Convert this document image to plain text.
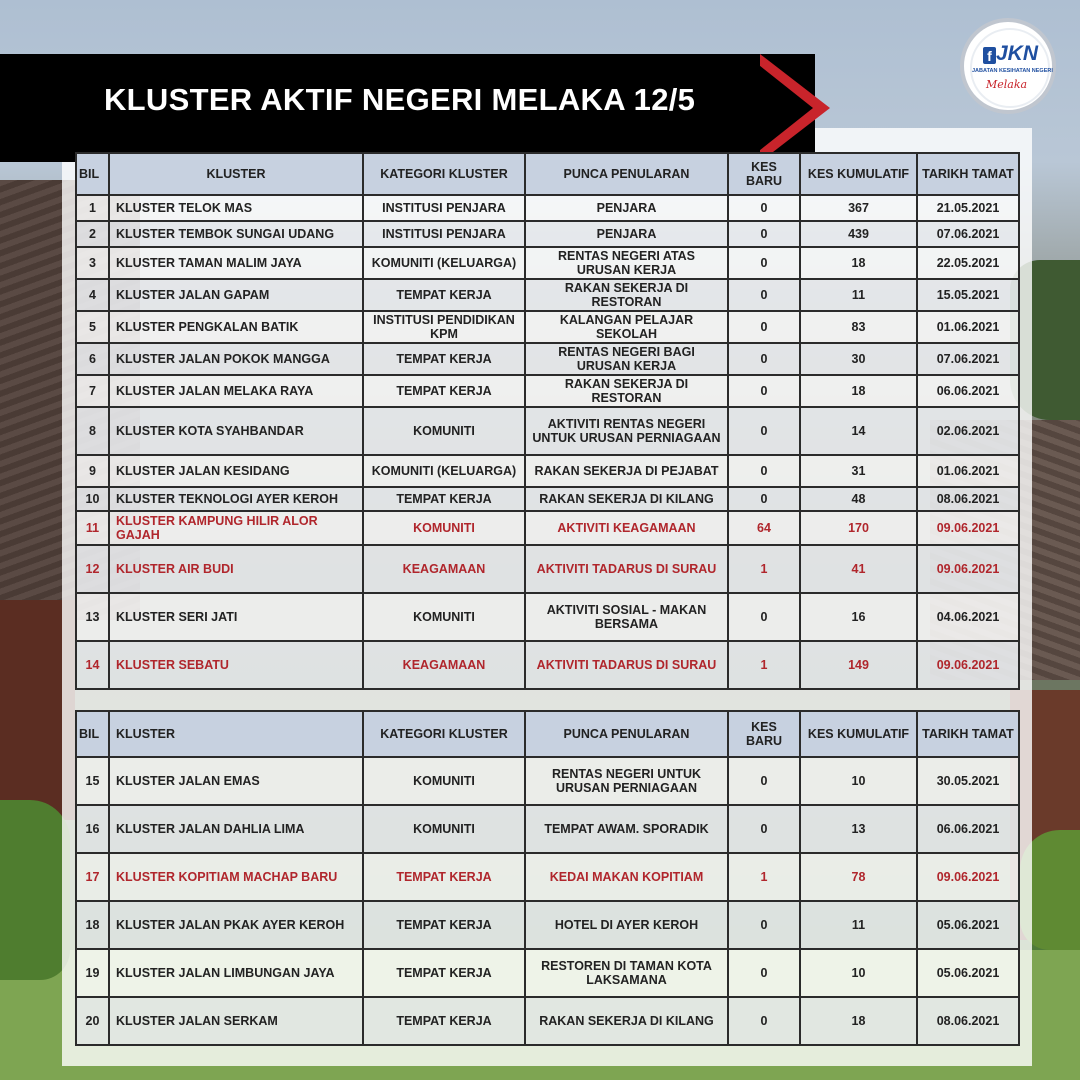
KLUSTER AKTIF NEGERI MELAKA 12/5
f JKN
JABATAN KESIHATAN NEGERI
Melaka
BIL	KLUSTER	KATEGORI KLUSTER	PUNCA PENULARAN	KES BARU	KES KUMULATIF	TARIKH TAMAT
1	KLUSTER TELOK MAS	INSTITUSI PENJARA	PENJARA	0	367	21.05.2021
2	KLUSTER TEMBOK SUNGAI UDANG	INSTITUSI PENJARA	PENJARA	0	439	07.06.2021
3	KLUSTER TAMAN MALIM JAYA	KOMUNITI (KELUARGA)	RENTAS NEGERI ATAS URUSAN KERJA	0	18	22.05.2021
4	KLUSTER JALAN GAPAM	TEMPAT KERJA	RAKAN SEKERJA DI RESTORAN	0	11	15.05.2021
5	KLUSTER PENGKALAN BATIK	INSTITUSI PENDIDIKAN KPM	KALANGAN PELAJAR SEKOLAH	0	83	01.06.2021
6	KLUSTER JALAN POKOK MANGGA	TEMPAT KERJA	RENTAS NEGERI BAGI URUSAN KERJA	0	30	07.06.2021
7	KLUSTER JALAN MELAKA RAYA	TEMPAT KERJA	RAKAN SEKERJA DI RESTORAN	0	18	06.06.2021
8	KLUSTER KOTA SYAHBANDAR	KOMUNITI	AKTIVITI RENTAS NEGERI UNTUK URUSAN PERNIAGAAN	0	14	02.06.2021
9	KLUSTER JALAN KESIDANG	KOMUNITI (KELUARGA)	RAKAN SEKERJA DI PEJABAT	0	31	01.06.2021
10	KLUSTER TEKNOLOGI AYER KEROH	TEMPAT KERJA	RAKAN SEKERJA DI KILANG	0	48	08.06.2021
11	KLUSTER KAMPUNG HILIR ALOR GAJAH	KOMUNITI	AKTIVITI KEAGAMAAN	64	170	09.06.2021
12	KLUSTER AIR BUDI	KEAGAMAAN	AKTIVITI TADARUS DI SURAU	1	41	09.06.2021
13	KLUSTER SERI JATI	KOMUNITI	AKTIVITI SOSIAL - MAKAN BERSAMA	0	16	04.06.2021
14	KLUSTER SEBATU	KEAGAMAAN	AKTIVITI TADARUS DI SURAU	1	149	09.06.2021
BIL	KLUSTER	KATEGORI KLUSTER	PUNCA PENULARAN	KES BARU	KES KUMULATIF	TARIKH TAMAT
15	KLUSTER JALAN EMAS	KOMUNITI	RENTAS NEGERI UNTUK URUSAN PERNIAGAAN	0	10	30.05.2021
16	KLUSTER JALAN DAHLIA LIMA	KOMUNITI	TEMPAT AWAM. SPORADIK	0	13	06.06.2021
17	KLUSTER KOPITIAM MACHAP BARU	TEMPAT KERJA	KEDAI MAKAN KOPITIAM	1	78	09.06.2021
18	KLUSTER JALAN PKAK AYER KEROH	TEMPAT KERJA	HOTEL DI AYER KEROH	0	11	05.06.2021
19	KLUSTER JALAN LIMBUNGAN JAYA	TEMPAT KERJA	RESTOREN DI TAMAN KOTA LAKSAMANA	0	10	05.06.2021
20	KLUSTER JALAN SERKAM	TEMPAT KERJA	RAKAN SEKERJA DI KILANG	0	18	08.06.2021
